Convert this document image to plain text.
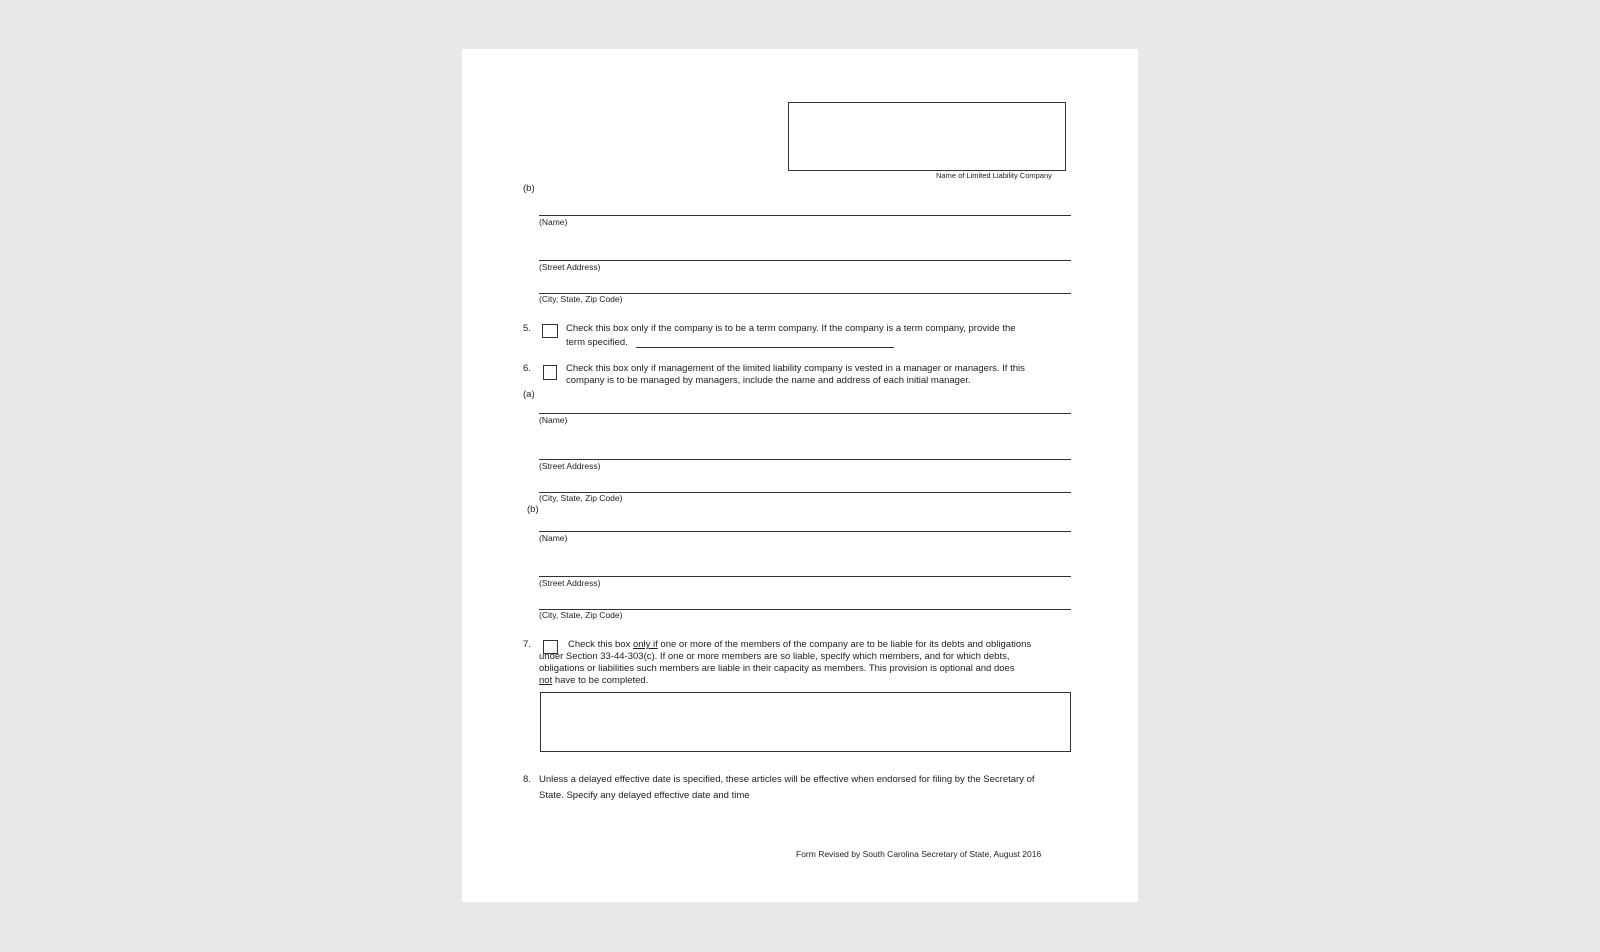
Name of Limited Liability Company
(b)
(Name)
(Street Address)
(City, State, Zip Code)
5.	Check this box only if the company is to be a term company. If the company is a term company, provide the
term specified.
6.	Check this box only if management of the limited liability company is vested in a manager or managers. If this company is to be managed by managers, include the name and address of each initial manager.
(a)
(Name)
(Street Address)
(City, State, Zip Code)
(b)
(Name)
(Street Address)
(City, State, Zip Code)
7.	Check this box only if one or more of the members of the company are to be liable for its debts and obligations
under Section 33-44-303(c). If one or more members are so liable, specify which members, and for which debts,
obligations or liabilities such members are liable in their capacity as members. This provision is optional and does
not have to be completed.
8. Unless a delayed effective date is specified, these articles will be effective when endorsed for filing by the Secretary of
State. Specify any delayed effective date and time
Form Revised by South Carolina Secretary of State, August 2016
